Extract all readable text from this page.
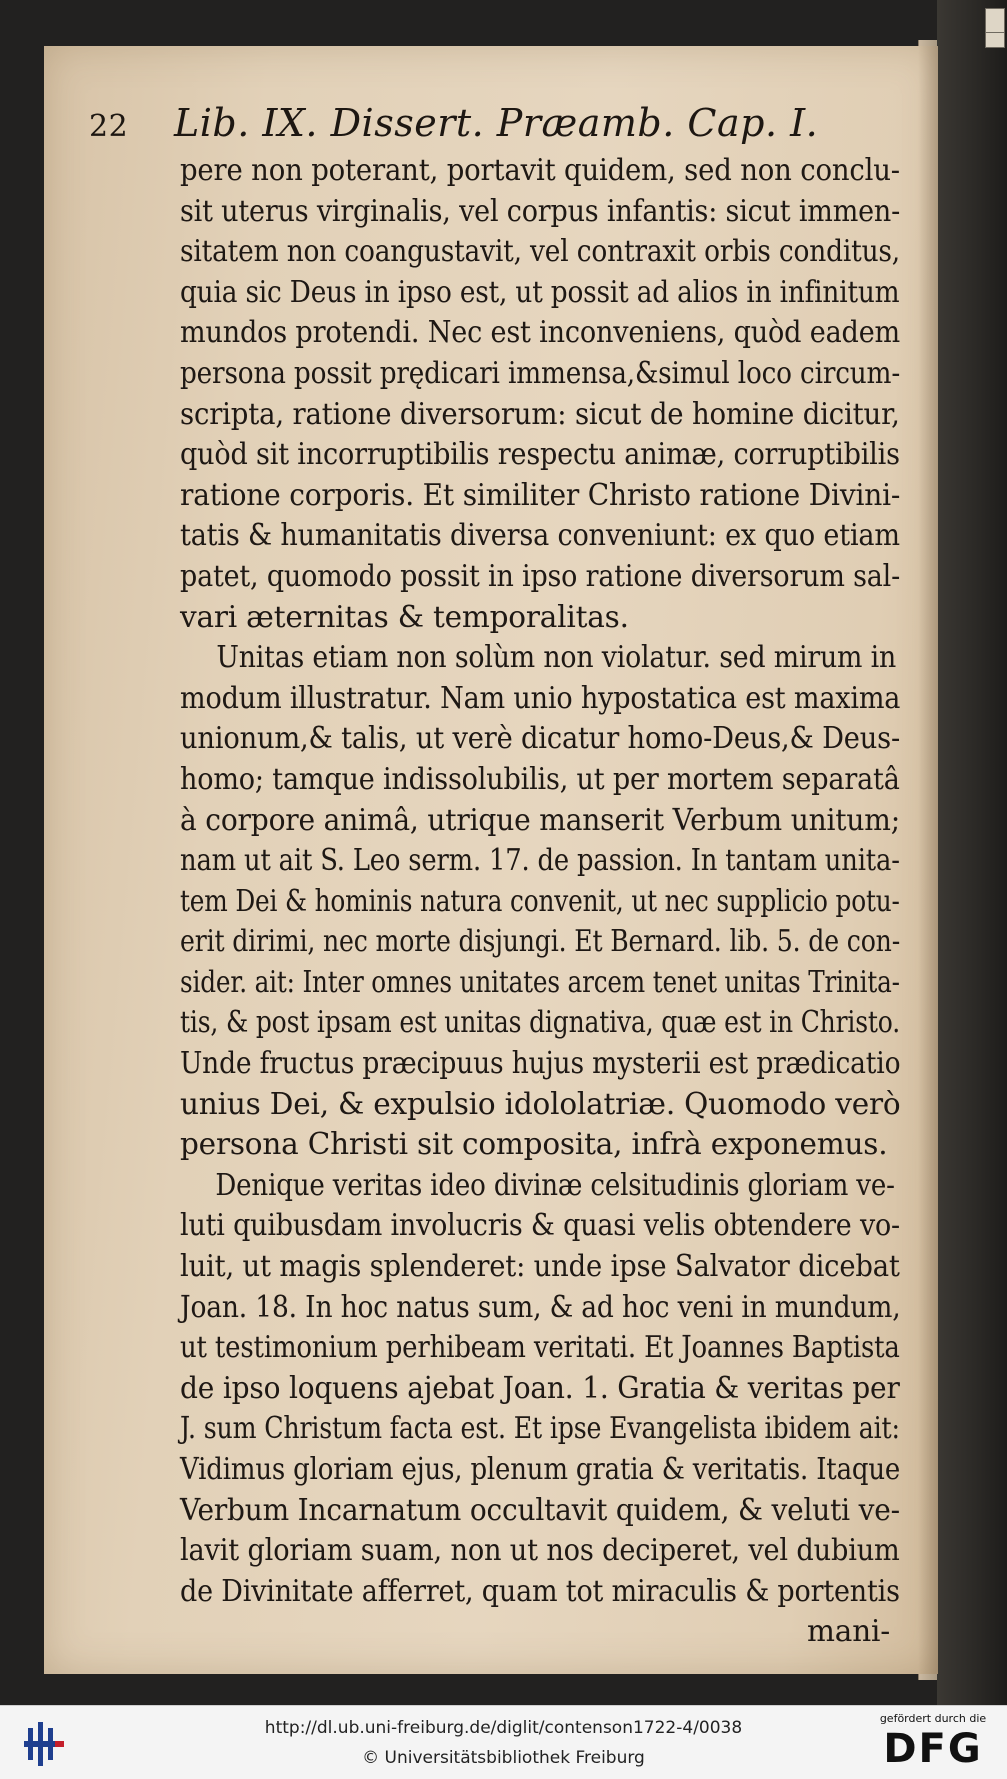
22 Lib. IX. Dissert. Præamb. Cap. I.
pere non poterant, portavit quidem, sed non conclu-
sit uterus virginalis, vel corpus infantis: sicut immen-
sitatem non coangustavit, vel contraxit orbis conditus,
quia sic Deus in ipso est, ut possit ad alios in infinitum
mundos protendi. Nec est inconveniens, quòd eadem
persona possit prędicari immensa,&simul loco circum-
scripta, ratione diversorum: sicut de homine dicitur,
quòd sit incorruptibilis respectu animæ, corruptibilis
ratione corporis. Et similiter Christo ratione Divini-
tatis & humanitatis diversa conveniunt: ex quo etiam
patet, quomodo possit in ipso ratione diversorum sal-
vari æternitas & temporalitas.
Unitas etiam non solùm non violatur. sed mirum in
modum illustratur. Nam unio hypostatica est maxima
unionum,& talis, ut verè dicatur homo-Deus,& Deus-
homo; tamque indissolubilis, ut per mortem separatâ
à corpore animâ, utrique manserit Verbum unitum;
nam ut ait S. Leo serm. 17. de passion. In tantam unita-
tem Dei & hominis natura convenit, ut nec supplicio potu-
erit dirimi, nec morte disjungi. Et Bernard. lib. 5. de con-
sider. ait: Inter omnes unitates arcem tenet unitas Trinita-
tis, & post ipsam est unitas dignativa, quæ est in Christo.
Unde fructus præcipuus hujus mysterii est prædicatio
unius Dei, & expulsio idololatriæ. Quomodo verò
persona Christi sit composita, infrà exponemus.
Denique veritas ideo divinæ celsitudinis gloriam ve-
luti quibusdam involucris & quasi velis obtendere vo-
luit, ut magis splenderet: unde ipse Salvator dicebat
Joan. 18. In hoc natus sum, & ad hoc veni in mundum,
ut testimonium perhibeam veritati. Et Joannes Baptista
de ipso loquens ajebat Joan. 1. Gratia & veritas per
J. sum Christum facta est. Et ipse Evangelista ibidem ait:
Vidimus gloriam ejus, plenum gratia & veritatis. Itaque
Verbum Incarnatum occultavit quidem, & veluti ve-
lavit gloriam suam, non ut nos deciperet, vel dubium
de Divinitate afferret, quam tot miraculis & portentis
mani-
http://dl.ub.uni-freiburg.de/diglit/contenson1722-4/0038
© Universitätsbibliothek Freiburg
gefördert durch die
DFG
